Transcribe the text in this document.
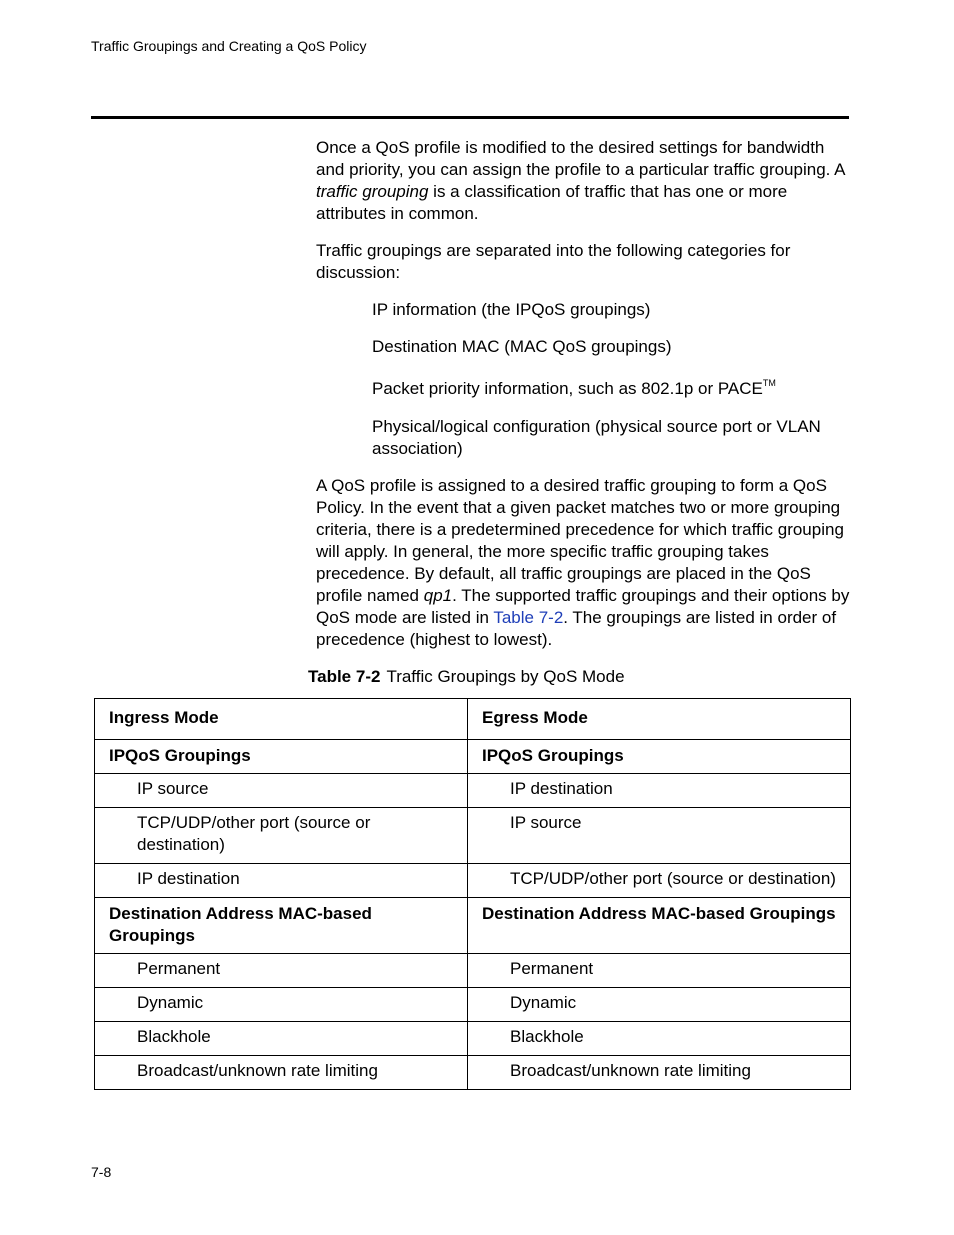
Traffic Groupings and Creating a QoS Policy

Once a QoS profile is modified to the desired settings for bandwidth and priority, you can assign the profile to a particular traffic grouping. A traffic grouping is a classification of traffic that has one or more attributes in common.

Traffic groupings are separated into the following categories for discussion:

IP information (the IPQoS groupings)
Destination MAC (MAC QoS groupings)
Packet priority information, such as 802.1p or PACE™
Physical/logical configuration (physical source port or VLAN association)

A QoS profile is assigned to a desired traffic grouping to form a QoS Policy. In the event that a given packet matches two or more grouping criteria, there is a predetermined precedence for which traffic grouping will apply. In general, the more specific traffic grouping takes precedence. By default, all traffic groupings are placed in the QoS profile named qp1. The supported traffic groupings and their options by QoS mode are listed in Table 7-2. The groupings are listed in order of precedence (highest to lowest).

Table 7-2 Traffic Groupings by QoS Mode
Ingress Mode	Egress Mode

IPQoS Groupings	IPQoS Groupings

IP source	IP destination

TCP/UDP/other port (source or destination)	IP source

IP destination	TCP/UDP/other port (source or destination)

Destination Address MAC-based Groupings	Destination Address MAC-based Groupings

Permanent	Permanent

Dynamic	Dynamic

Blackhole	Blackhole

Broadcast/unknown rate limiting	Broadcast/unknown rate limiting
7-8
